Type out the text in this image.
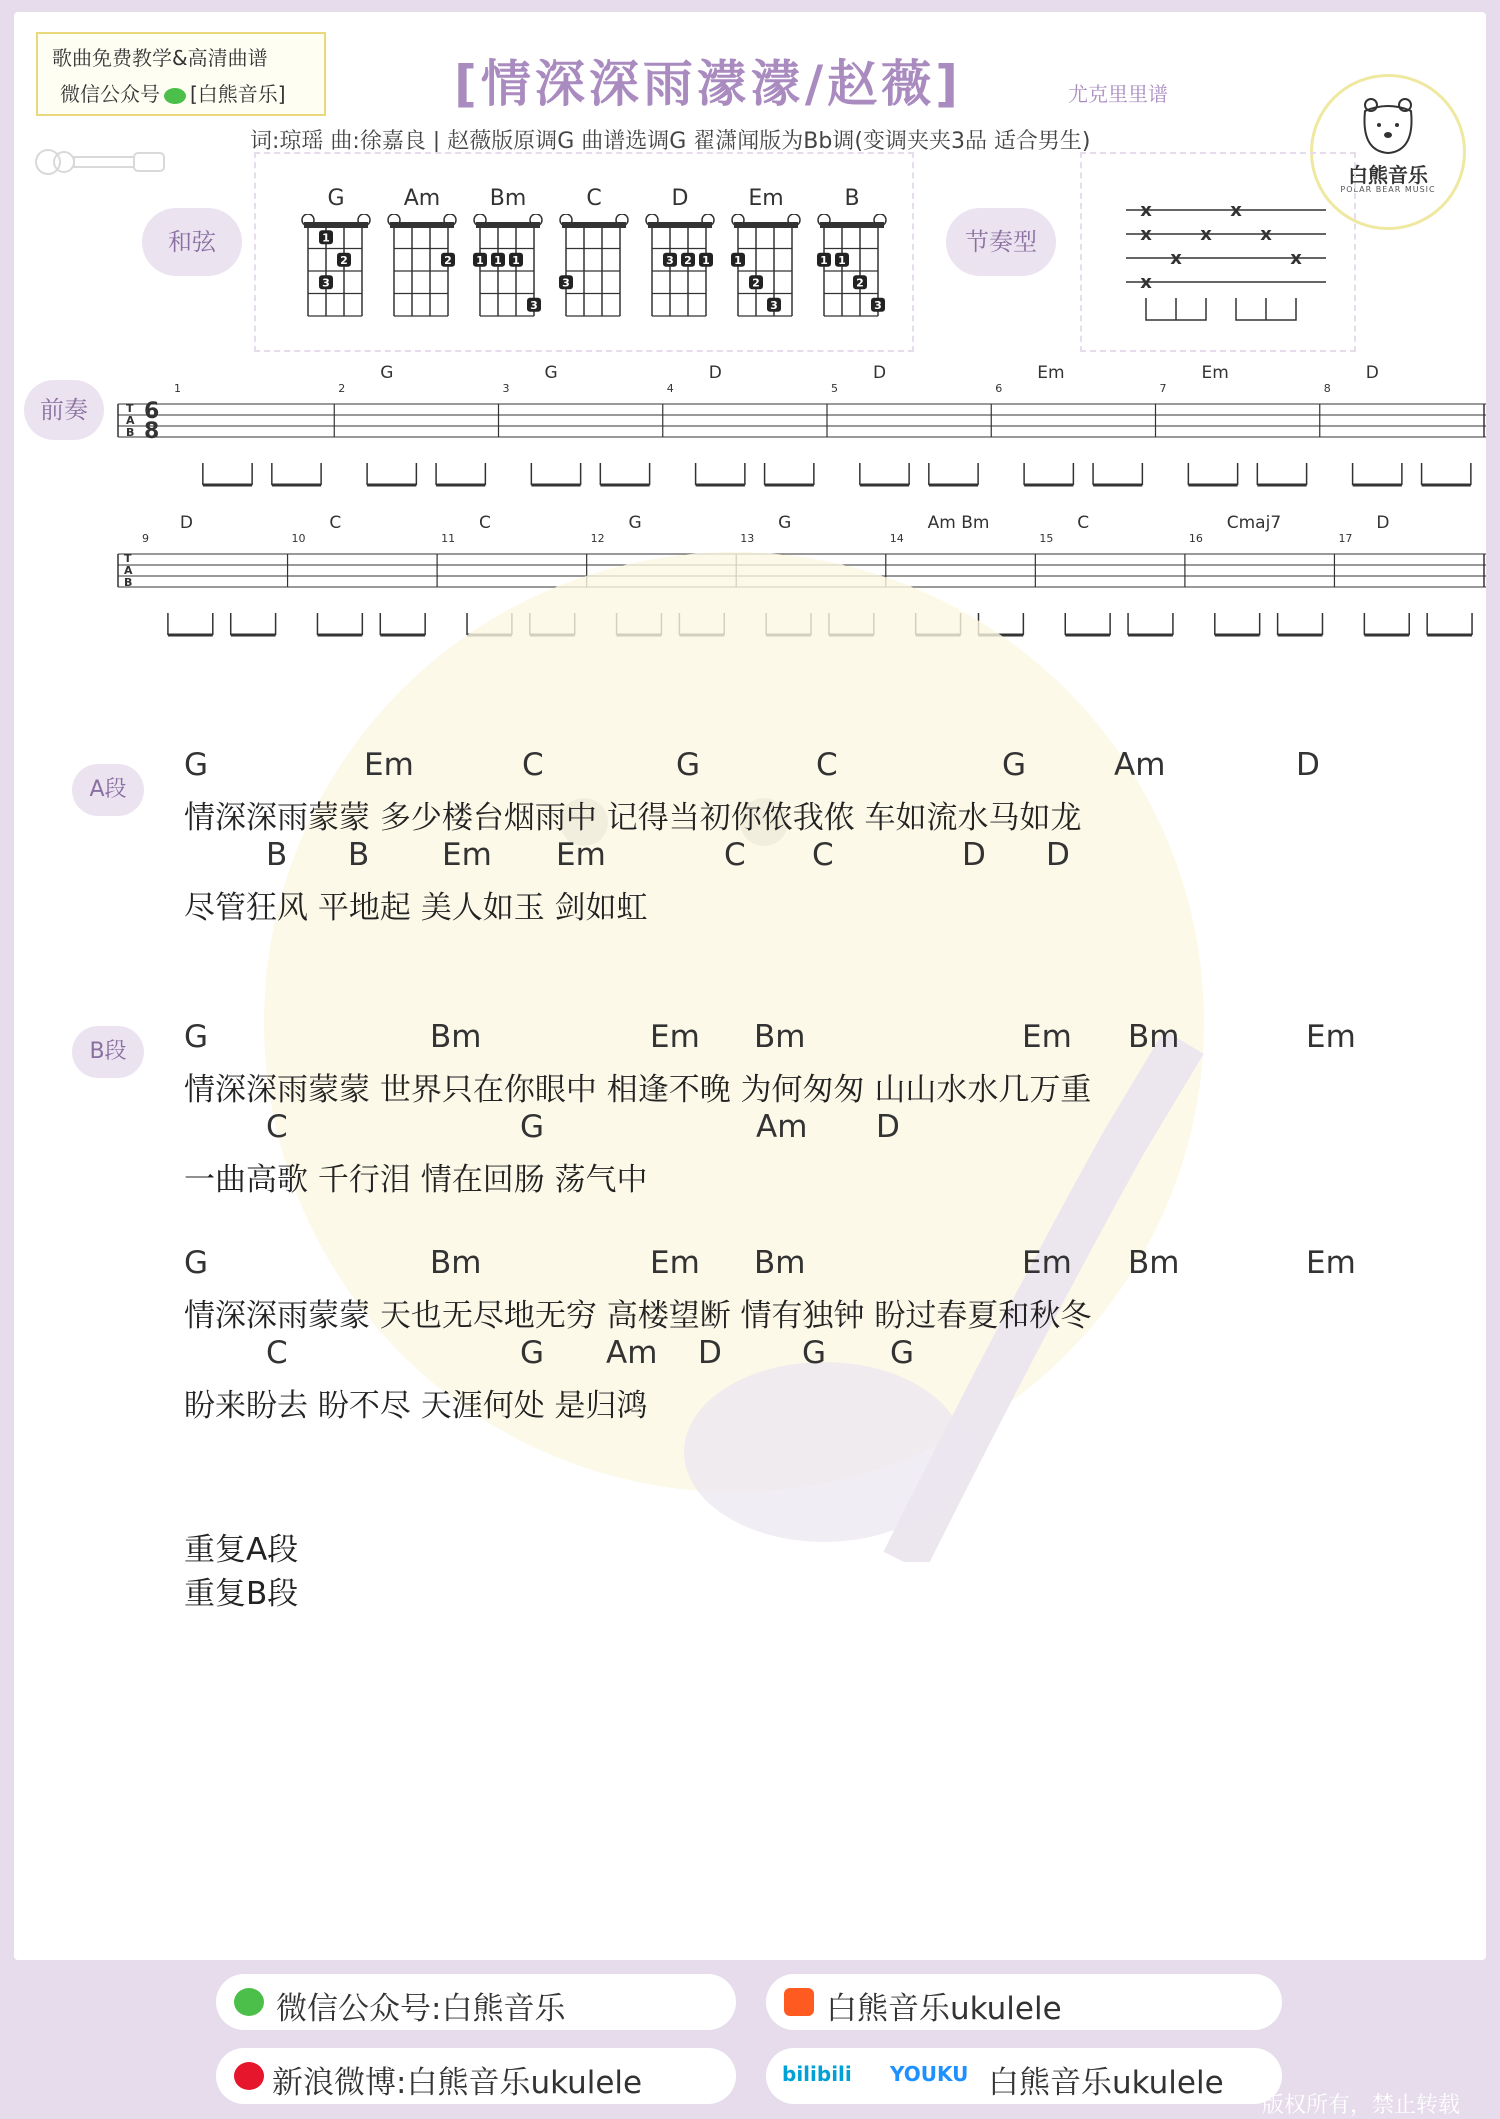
歌曲免费教学&高清曲谱
微信公众号 [白熊音乐]	[情深深雨濛濛/赵薇]	尤克里里谱
词:琼瑶 曲:徐嘉良 | 赵薇版原调G 曲谱选调G 翟潇闻版为Bb调(变调夹夹3品 适合男生)
白熊音乐
POLAR BEAR MUSIC
和弦
G
1
2
3
Am
2
Bm
1 1 1
3
C
3
D
1
2
3
Em
1
2
3
B
1 1
2
3
节奏型
x
x
x
x
x
x
x
x
前奏	T
A
B
6
8
1	2
G
3
G
4
D
5
D
6
Em
7
Em
8
D
T
A
B
9
D
10
C
11
C
12
G
13
G
14
Am Bm
15
C
16
Cmaj7
17
D
A段
G	Em	C	G	C	G	Am	D
情深深雨蒙蒙 多少楼台烟雨中 记得当初你侬我侬 车如流水马如龙
B B Em Em	C C	D D
尽管狂风 平地起 美人如玉 剑如虹
B段	G	Bm	Em Bm	Em Bm	Em
情深深雨蒙蒙 世界只在你眼中 相逢不晚 为何匆匆 山山水水几万重
C	G	Am D
一曲高歌 千行泪 情在回肠 荡气中
G	Bm	Em Bm	Em Bm	Em
情深深雨蒙蒙 天也无尽地无穷 高楼望断 情有独钟 盼过春夏和秋冬
C	G Am D	G G
盼来盼去 盼不尽 天涯何处 是归鸿
重复A段
重复B段
微信公众号:白熊音乐	白熊音乐ukulele
新浪微博:白熊音乐ukulele	bilibili YOUKU 白熊音乐ukulele
版权所有，禁止转载
